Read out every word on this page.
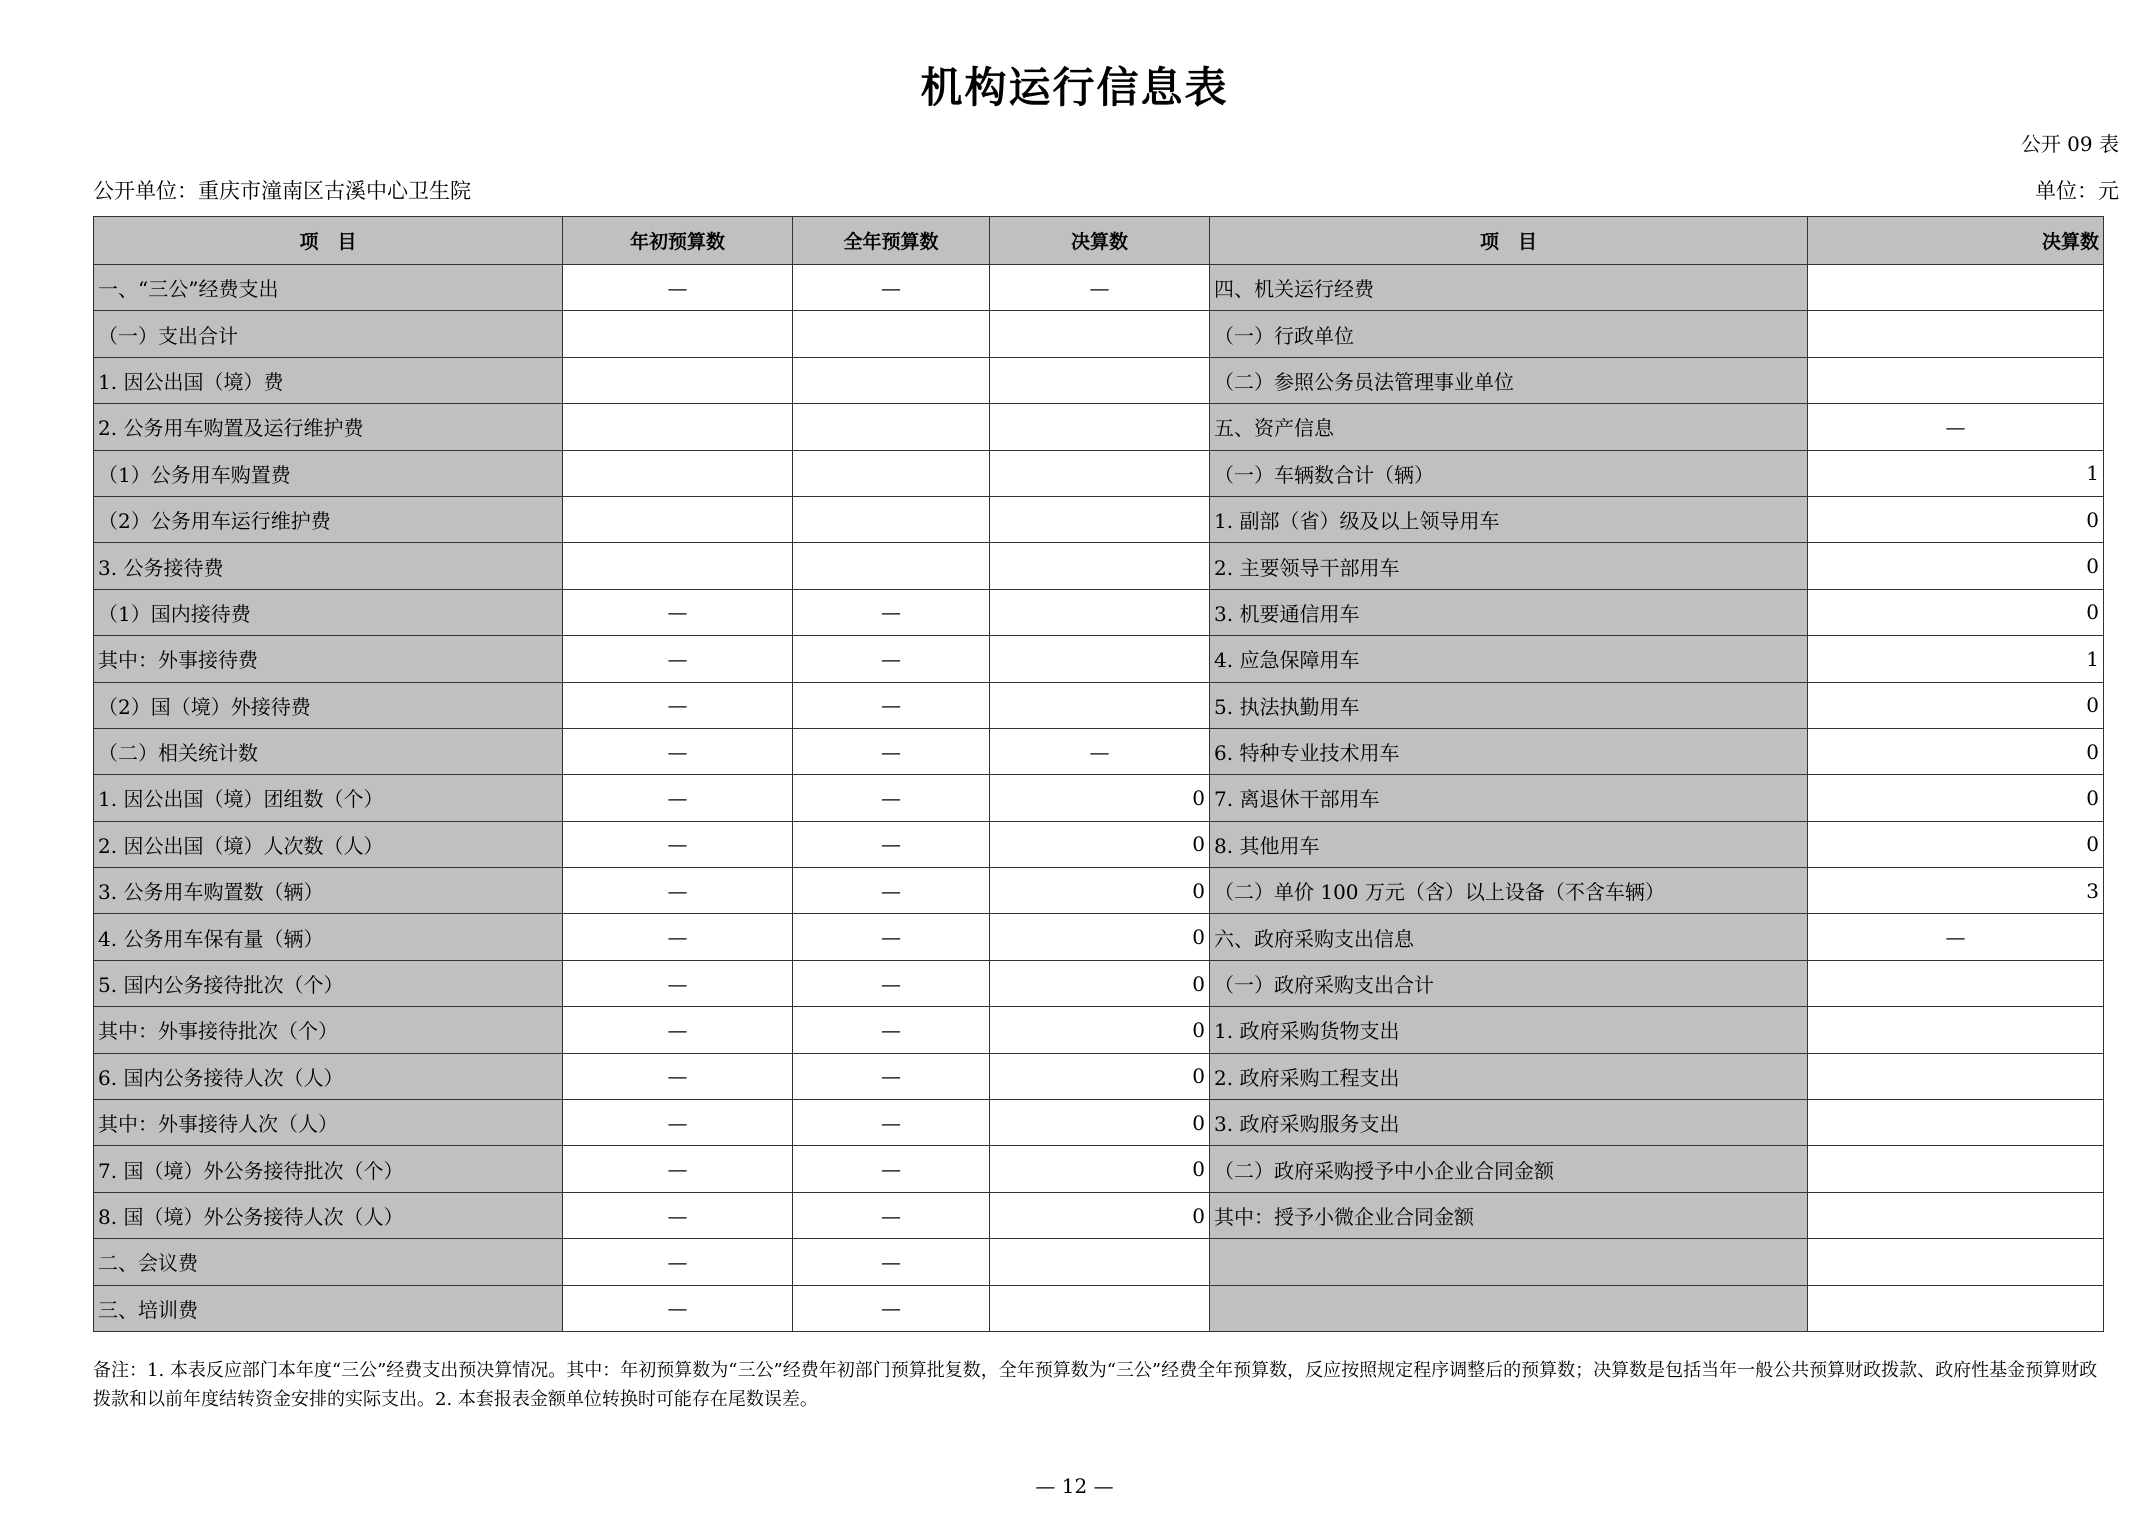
机构运行信息表
公开 09 表
公开单位：重庆市潼南区古溪中心卫生院	单位：元
项　目	年初预算数	全年预算数	决算数	项　目	决算数
一、“三公”经费支出	—	—	—	四、机关运行经费	
（一）支出合计				（一）行政单位	
1. 因公出国（境）费				（二）参照公务员法管理事业单位	
2. 公务用车购置及运行维护费				五、资产信息	—
（1）公务用车购置费				（一）车辆数合计（辆）	1
（2）公务用车运行维护费				1. 副部（省）级及以上领导用车	0
3. 公务接待费				2. 主要领导干部用车	0
（1）国内接待费	—	—		3. 机要通信用车	0
其中：外事接待费	—	—		4. 应急保障用车	1
（2）国（境）外接待费	—	—		5. 执法执勤用车	0
（二）相关统计数	—	—	—	6. 特种专业技术用车	0
1. 因公出国（境）团组数（个）	—	—	0	7. 离退休干部用车	0
2. 因公出国（境）人次数（人）	—	—	0	8. 其他用车	0
3. 公务用车购置数（辆）	—	—	0	（二）单价 100 万元（含）以上设备（不含车辆）	3
4. 公务用车保有量（辆）	—	—	0	六、政府采购支出信息	—
5. 国内公务接待批次（个）	—	—	0	（一）政府采购支出合计	
其中：外事接待批次（个）	—	—	0	1. 政府采购货物支出	
6. 国内公务接待人次（人）	—	—	0	2. 政府采购工程支出	
其中：外事接待人次（人）	—	—	0	3. 政府采购服务支出	
7. 国（境）外公务接待批次（个）	—	—	0	（二）政府采购授予中小企业合同金额	
8. 国（境）外公务接待人次（人）	—	—	0	其中：授予小微企业合同金额	
二、会议费	—	—			
三、培训费	—	—			
备注：1. 本表反应部门本年度“三公”经费支出预决算情况。其中：年初预算数为“三公”经费年初部门预算批复数，全年预算数为“三公”经费全年预算数，反应按照规定程序调整后的预算数；决算数是包括当年一般公共预算财政拨款、政府性基金预算财政拨款和以前年度结转资金安排的实际支出。2. 本套报表金额单位转换时可能存在尾数误差。
— 12 —
